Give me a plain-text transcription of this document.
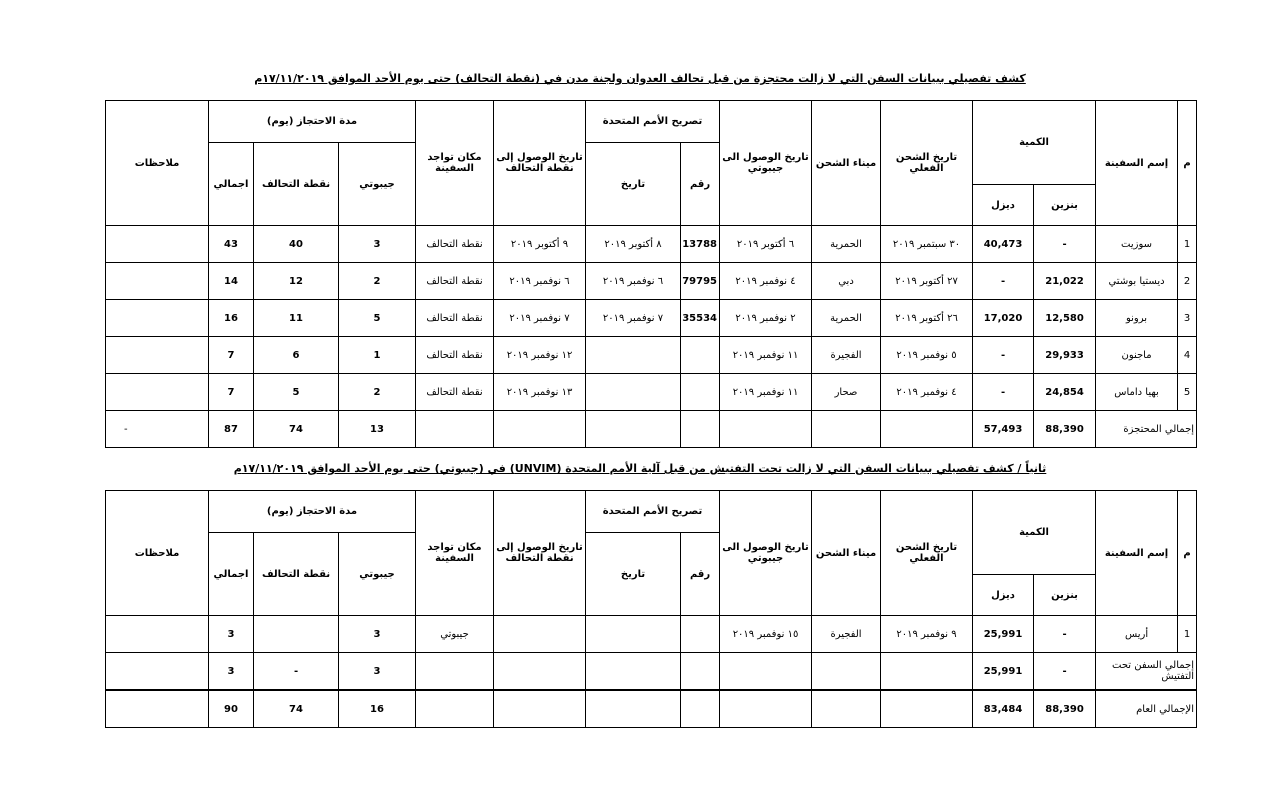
كشف تفصيلي ببيانات السفن التي لا زالت محتجزة من قبل تحالف العدوان ولجنة مدن في (نقطة التحالف) حتى يوم الأحد الموافق ١٧/١١/٢٠١٩م
م	إسم السفينة	الكمية		تاريخ الشحن الفعلي	ميناء الشحن	تاريخ الوصول الى جيبوتي	تصريح الأمم المتحدة		تاريخ الوصول إلى نقطة التحالف	مكان تواجد السفينة	مدة الاحتجاز (يوم)			ملاحظات
							رقم	تاريخ			جيبوتي	نقطة التحالف	اجمالي	
		بنزين	ديزل											
1	سوزيت	-	40,473	٣٠ سبتمبر ٢٠١٩	الحمرية	٦ أكتوبر ٢٠١٩	13788	٨ أكتوبر ٢٠١٩	٩ أكتوبر ٢٠١٩	نقطة التحالف	3	40	43	
2	ديستيا بوشتي	21,022	-	٢٧ أكتوبر ٢٠١٩	دبي	٤ نوفمبر ٢٠١٩	79795	٦ نوفمبر ٢٠١٩	٦ نوفمبر ٢٠١٩	نقطة التحالف	2	12	14	
3	برونو	12,580	17,020	٢٦ أكتوبر ٢٠١٩	الحمرية	٢ نوفمبر ٢٠١٩	35534	٧ نوفمبر ٢٠١٩	٧ نوفمبر ٢٠١٩	نقطة التحالف	5	11	16	
4	ماجنون	29,933	-	٥ نوفمبر ٢٠١٩	الفجيرة	١١ نوفمبر ٢٠١٩			١٢ نوفمبر ٢٠١٩	نقطة التحالف	1	6	7	
5	بهيا داماس	24,854	-	٤ نوفمبر ٢٠١٩	صحار	١١ نوفمبر ٢٠١٩			١٣ نوفمبر ٢٠١٩	نقطة التحالف	2	5	7	
إجمالي المحتجزة		88,390	57,493								13	74	87	-
ثانياً / كشف تفصيلي ببيانات السفن التي لا زالت تحت التفتيش من قبل آلية الأمم المتحدة (UNVIM) في (جيبوتي) حتى يوم الأحد الموافق ١٧/١١/٢٠١٩م
م	إسم السفينة	الكمية		تاريخ الشحن الفعلي	ميناء الشحن	تاريخ الوصول الى جيبوتي	تصريح الأمم المتحدة		تاريخ الوصول إلى نقطة التحالف	مكان تواجد السفينة	مدة الاحتجاز (يوم)			ملاحظات
							رقم	تاريخ			جيبوتي	نقطة التحالف	اجمالي	
		بنزين	ديزل											
1	أريس	-	25,991	٩ نوفمبر ٢٠١٩	الفجيرة	١٥ نوفمبر ٢٠١٩				جيبوتي	3		3	
إجمالي السفن تحت التفتيش		-	25,991								3	-	3	
الإجمالي العام		88,390	83,484								16	74	90	
